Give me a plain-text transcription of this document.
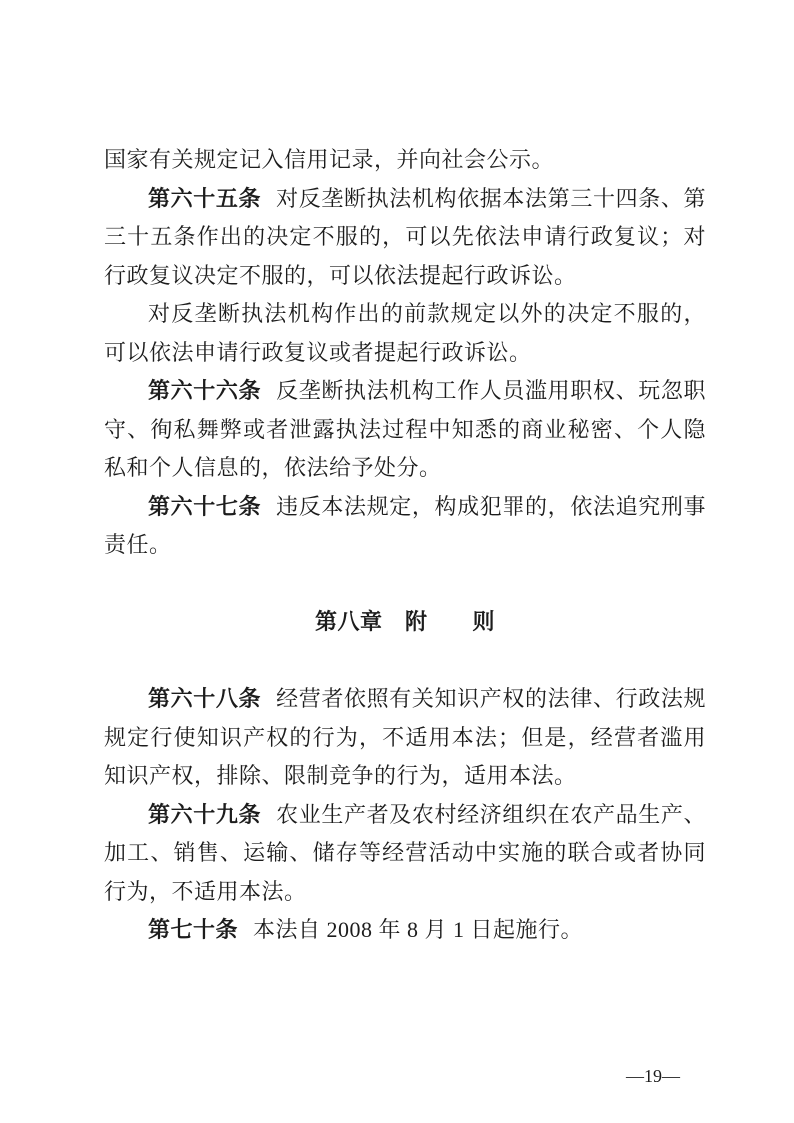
国家有关规定记入信用记录，并向社会公示。

第六十五条 对反垄断执法机构依据本法第三十四条、第三十五条作出的决定不服的，可以先依法申请行政复议；对行政复议决定不服的，可以依法提起行政诉讼。

对反垄断执法机构作出的前款规定以外的决定不服的，可以依法申请行政复议或者提起行政诉讼。

第六十六条 反垄断执法机构工作人员滥用职权、玩忽职守、徇私舞弊或者泄露执法过程中知悉的商业秘密、个人隐私和个人信息的，依法给予处分。

第六十七条 违反本法规定，构成犯罪的，依法追究刑事责任。

第八章　附　　则

第六十八条 经营者依照有关知识产权的法律、行政法规规定行使知识产权的行为，不适用本法；但是，经营者滥用知识产权，排除、限制竞争的行为，适用本法。

第六十九条 农业生产者及农村经济组织在农产品生产、加工、销售、运输、储存等经营活动中实施的联合或者协同行为，不适用本法。

第七十条 本法自 2008 年 8 月 1 日起施行。

—19—
